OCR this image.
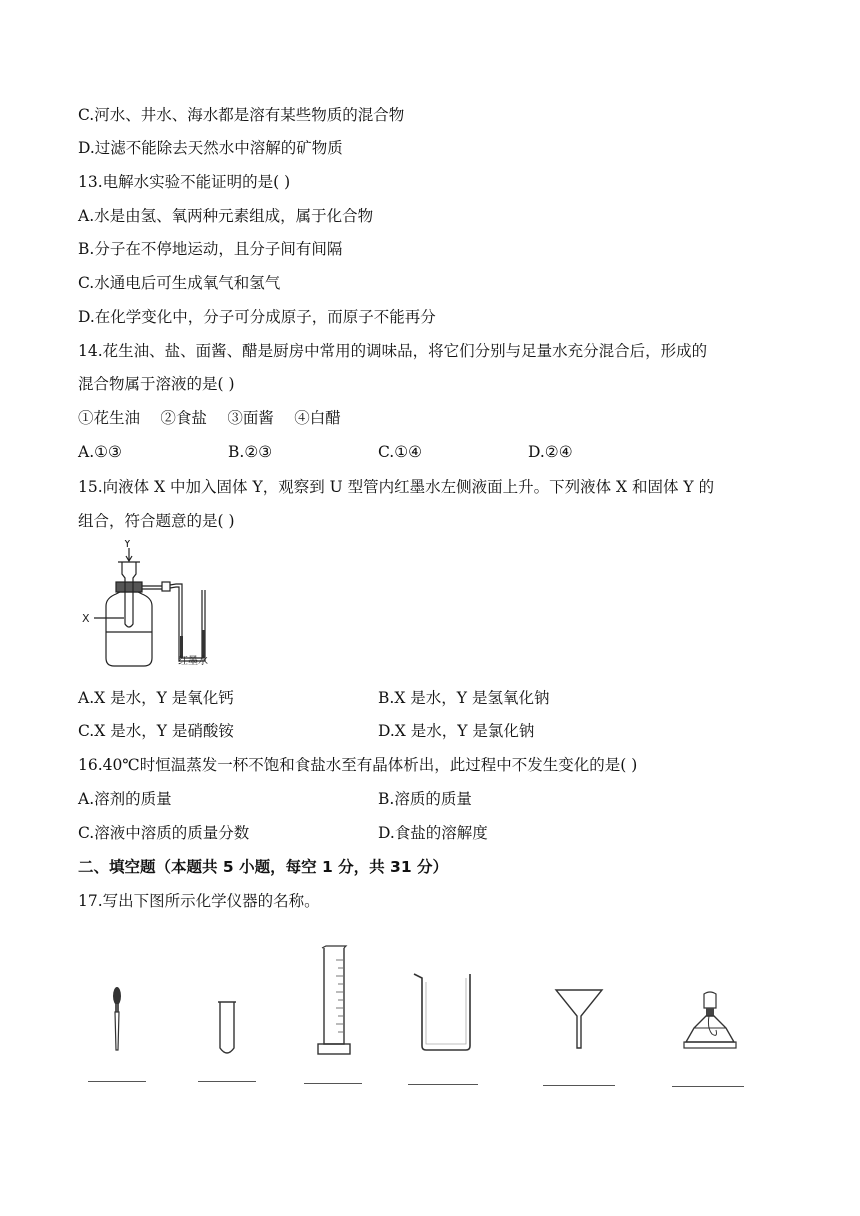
C.河水、井水、海水都是溶有某些物质的混合物
D.过滤不能除去天然水中溶解的矿物质
13.电解水实验不能证明的是( )
A.水是由氢、氧两种元素组成，属于化合物
B.分子在不停地运动，且分子间有间隔
C.水通电后可生成氧气和氢气
D.在化学变化中，分子可分成原子，而原子不能再分
14.花生油、盐、面酱、醋是厨房中常用的调味品，将它们分别与足量水充分混合后，形成的
混合物属于溶液的是( )
①花生油　 ②食盐　 ③面酱　 ④白醋
A.①③	B.②③	C.①④	D.②④
15.向液体 X 中加入固体 Y，观察到 U 型管内红墨水左侧液面上升。下列液体 X 和固体 Y 的
组合，符合题意的是( )
Y
X
红墨水
A.X 是水，Y 是氧化钙	B.X 是水，Y 是氢氧化钠
C.X 是水，Y 是硝酸铵	D.X 是水，Y 是氯化钠
16.40℃时恒温蒸发一杯不饱和食盐水至有晶体析出，此过程中不发生变化的是( )
A.溶剂的质量	B.溶质的质量
C.溶液中溶质的质量分数	D.食盐的溶解度
二、填空题（本题共 5 小题，每空 1 分，共 31 分）
17.写出下图所示化学仪器的名称。
